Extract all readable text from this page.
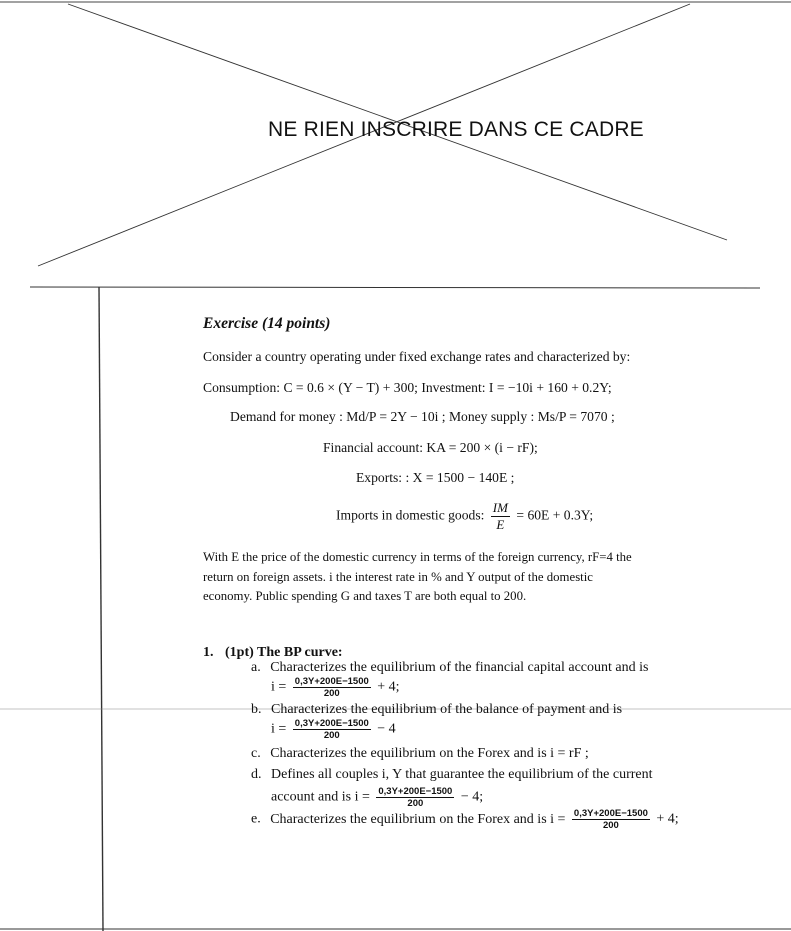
NE RIEN INSCRIRE DANS CE CADRE
Exercise (14 points)
Consider a country operating under fixed exchange rates and characterized by:
Consumption: C = 0.6 × (Y − T) + 300; Investment: I = −10i + 160 + 0.2Y;
Demand for money : Md/P = 2Y − 10i ; Money supply : Ms/P = 7070 ;
Financial account: KA = 200 × (i − rF);
Exports: : X = 1500 − 140E ;
Imports in domestic goods: $\frac{IM}{E} = 60E + 0.3Y$;
With E the price of the domestic currency in terms of the foreign currency, rF=4 the
return on foreign assets. i the interest rate in % and Y output of the domestic
economy. Public spending G and taxes T are both equal to 200.
1. (1pt) The BP curve:
a. Characterizes the equilibrium of the financial capital account and is
$i = \frac{0,3Y+200E-1500}{200} + 4$;
b. Characterizes the equilibrium of the balance of payment and is
$i = \frac{0,3Y+200E-1500}{200} - 4$
c. Characterizes the equilibrium on the Forex and is i = rF ;
d. Defines all couples i, Y that guarantee the equilibrium of the current
account and is $i = \frac{0,3Y+200E-1500}{200} - 4$;
e. Characterizes the equilibrium on the Forex and is $i = \frac{0,3Y+200E-1500}{200} + 4$;
